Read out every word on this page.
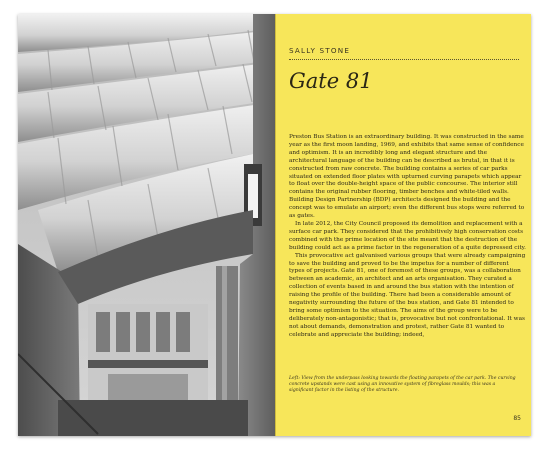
SALLY STONE
Gate 81

Preston Bus Station is an extraordinary building. It was constructed in the same year as the first moon landing, 1969, and exhibits that same sense of confidence and optimism. It is an incredibly long and elegant structure and the architectural language of the building can be described as brutal, in that it is constructed from raw concrete. The building contains a series of car parks situated on extended floor plates with upturned curving parapets which appear to float over the double-height space of the public concourse. The interior still contains the original rubber flooring, timber benches and white-tiled walls. Building Design Partnership (BDP) architects designed the building and the concept was to emulate an airport; even the different bus stops were referred to as gates.

In late 2012, the City Council proposed its demolition and replacement with a surface car park. They considered that the prohibitively high conservation costs combined with the prime location of the site meant that the destruction of the building could act as a prime factor in the regeneration of a quite depressed city.

This provocative act galvanised various groups that were already campaigning to save the building and proved to be the impetus for a number of different types of projects. Gate 81, one of foremost of these groups, was a collaboration between an academic, an architect and an arts organisation. They curated a collection of events based in and around the bus station with the intention of raising the profile of the building. There had been a considerable amount of negativity surrounding the future of the bus station, and Gate 81 intended to bring some optimism to the situation. The aims of the group were to be deliberately non-antagonistic; that is, provocative but not confrontational. It was not about demands, demonstration and protest, rather Gate 81 wanted to celebrate and appreciate the building; indeed,

Left: View from the underpass looking towards the floating parapets of the car park. The curving concrete upstands were cast using an innovative system of fibreglass moulds; this was a significant factor in the listing of the structure.
85
